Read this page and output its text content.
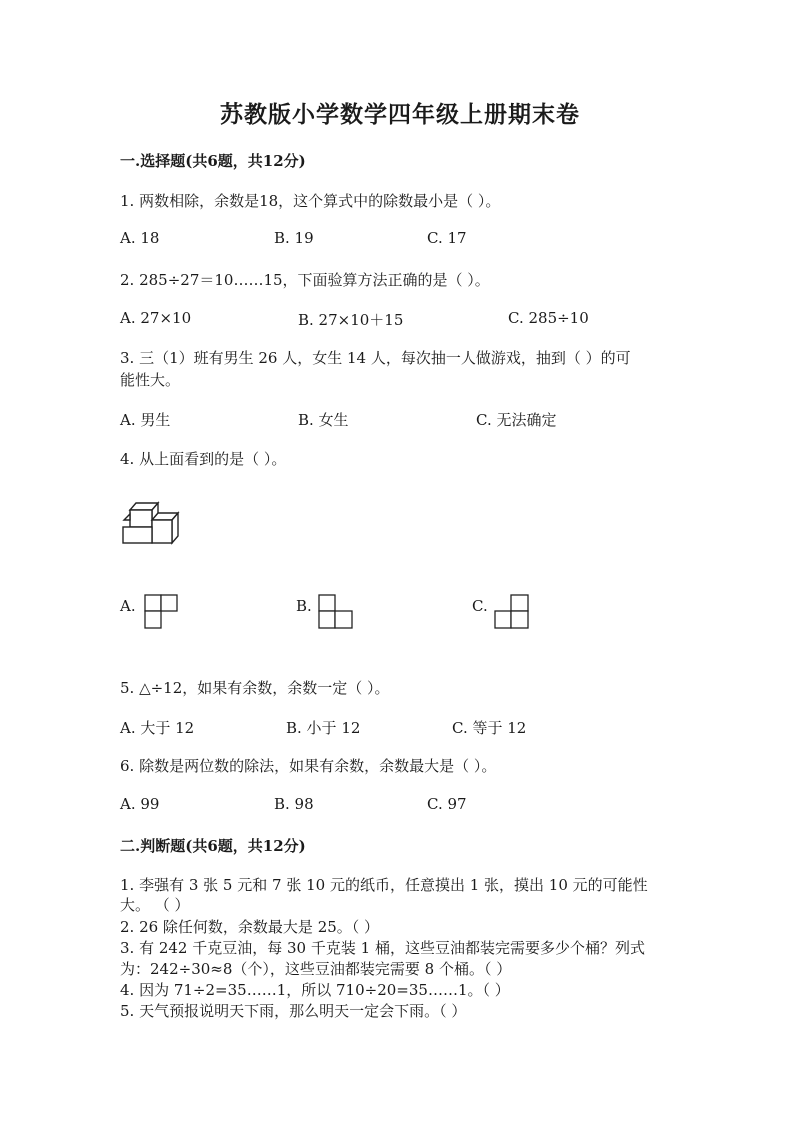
苏教版小学数学四年级上册期末卷
一.选择题(共6题，共12分)
1. 两数相除，余数是18，这个算式中的除数最小是（ ）。
A. 18	B. 19	C. 17
2. 285÷27＝10……15，下面验算方法正确的是（ ）。
A. 27×10	B. 27×10＋15	C. 285÷10
3. 三（1）班有男生 26 人，女生 14 人，每次抽一人做游戏，抽到（ ）的可
能性大。
A. 男生	B. 女生	C. 无法确定
4. 从上面看到的是（ ）。
A.	B.	C.
5. △÷12，如果有余数，余数一定（ ）。
A. 大于 12	B. 小于 12	C. 等于 12
6. 除数是两位数的除法，如果有余数，余数最大是（ ）。
A. 99	B. 98	C. 97
二.判断题(共6题，共12分)
1. 李强有 3 张 5 元和 7 张 10 元的纸币，任意摸出 1 张，摸出 10 元的可能性
大。 （ ）
2. 26 除任何数，余数最大是 25。（ ）
3. 有 242 千克豆油，每 30 千克装 1 桶，这些豆油都装完需要多少个桶？列式
为：242÷30≈8（个），这些豆油都装完需要 8 个桶。（ ）
4. 因为 71÷2=35……1，所以 710÷20=35……1。（ ）
5. 天气预报说明天下雨，那么明天一定会下雨。（ ）
